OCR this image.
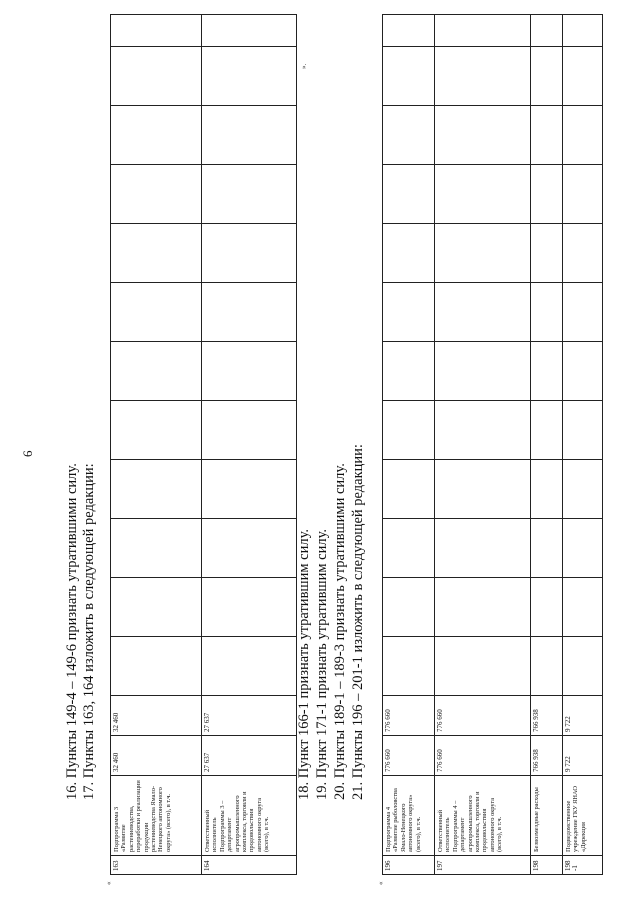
6
16. Пункты 149-4 – 149-6 признать утратившими силу. 17. Пункты 163, 164 изложить в следующей редакции:
«
».
163	Подпрограмма 3 «Развитие растениеводства, переработки и реализации продукции растениеводства Ямало-Ненецкого автономного округа» (всего), в т.ч.	32 460	32 460												
164	Ответственный исполнитель Подпрограммы 3 – департамент агропромышленного комплекса, торговли и продовольствия автономного округа (всего), в т.ч.	27 637	27 637													18. Пункт 166-1 признать утратившим силу. 19. Пункт 171-1 признать утратившим силу. 20. Пункты 189-1 – 189-3 признать утратившими силу. 21. Пункты 196 – 201-1 изложить в следующей редакции:
«
196	Подпрограмма 4 «Развитие рыболовства Ямало-Ненецкого автономного округа» (всего), в т.ч.	776 660	776 660												
197	Ответственный исполнитель Подпрограммы 4 – департамент агропромышленного комплекса, торговли и продовольствия автономного округа (всего), в т.ч.	776 660	776 660												
198	Безвозмездные расходы	766 938	766 938												
198-1	Подведомственное учреждение ГКУ ЯНАО «Дирекция	9 722	9 722												
